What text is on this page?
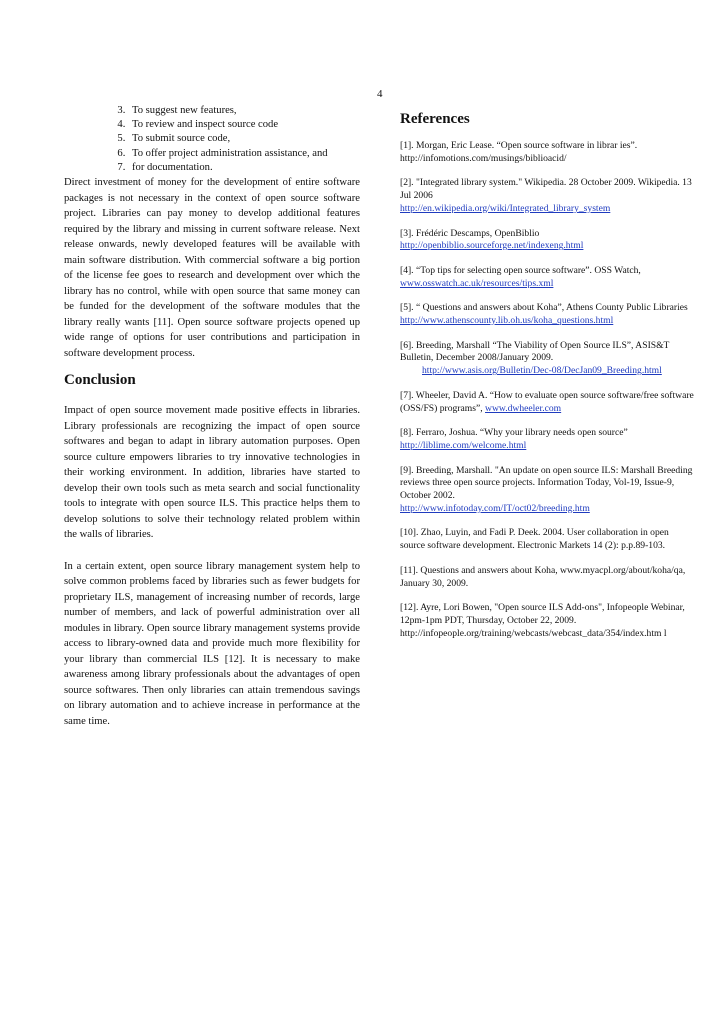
4
3. To suggest new features,
4. To review and inspect source code
5. To submit source code,
6. To offer project administration assistance, and
7. for documentation.

Direct investment of money for the development of entire software packages is not necessary in the context of open source software project. Libraries can pay money to develop additional features required by the library and missing in current software release. Next release onwards, newly developed features will be available with main software distribution. With commercial software a big portion of the license fee goes to research and development over which the library has no control, while with open source that same money can be funded for the development of the software modules that the library really wants [11]. Open source software projects opened up wide range of options for user contributions and participation in software development process.

Conclusion

Impact of open source movement made positive effects in libraries. Library professionals are recognizing the impact of open source softwares and began to adapt in library automation purposes. Open source culture empowers libraries to try innovative technologies in their working environment. In addition, libraries have started to develop their own tools such as meta search and social functionality tools to integrate with open source ILS. This practice helps them to develop solutions to solve their technology related problem within the walls of libraries.

In a certain extent, open source library management system help to solve common problems faced by libraries such as fewer budgets for proprietary ILS, management of increasing number of records, large number of members, and lack of powerful administration over all modules in library. Open source library management systems provide access to library-owned data and provide much more flexibility for your library than commercial ILS [12]. It is necessary to make awareness among library professionals about the advantages of open source softwares. Then only libraries can attain tremendous savings on library automation and to achieve increase in performance at the same time.

References
[1]. Morgan, Eric Lease. “Open source software in librar ies”.
http://infomotions.com/musings/biblioacid/
[2]. "Integrated library system." Wikipedia. 28 October 2009. Wikipedia. 13 Jul 2006
http://en.wikipedia.org/wiki/Integrated_library_system
[3]. Frédéric Descamps, OpenBiblio
http://openbiblio.sourceforge.net/indexeng.html
[4]. “Top tips for selecting open source software”. OSS Watch,
www.osswatch.ac.uk/resources/tips.xml
[5]. “ Questions and answers about Koha”, Athens County Public Libraries http://www.athenscounty.lib.oh.us/koha_questions.html
[6]. Breeding, Marshall “The Viability of Open Source ILS”, ASIS&T Bulletin, December 2008/January 2009.
http://www.asis.org/Bulletin/Dec-08/DecJan09_Breeding.html
[7]. Wheeler, David A. “How to evaluate open source software/free software (OSS/FS) programs”, www.dwheeler.com
[8]. Ferraro, Joshua. “Why your library needs open source”
http://liblime.com/welcome.html
[9]. Breeding, Marshall. "An update on open source ILS: Marshall Breeding reviews three open source projects. Information Today, Vol-19, Issue-9, October 2002.
http://www.infotoday.com/IT/oct02/breeding.htm
[10]. Zhao, Luyin, and Fadi P. Deek. 2004. User collaboration in open source software development. Electronic Markets 14 (2): p.p.89-103.
[11]. Questions and answers about Koha, www.myacpl.org/about/koha/qa, January 30, 2009.
[12]. Ayre, Lori Bowen, "Open source ILS Add-ons", Infopeople Webinar, 12pm-1pm PDT, Thursday, October 22, 2009. http://infopeople.org/training/webcasts/webcast_data/354/index.htm l
